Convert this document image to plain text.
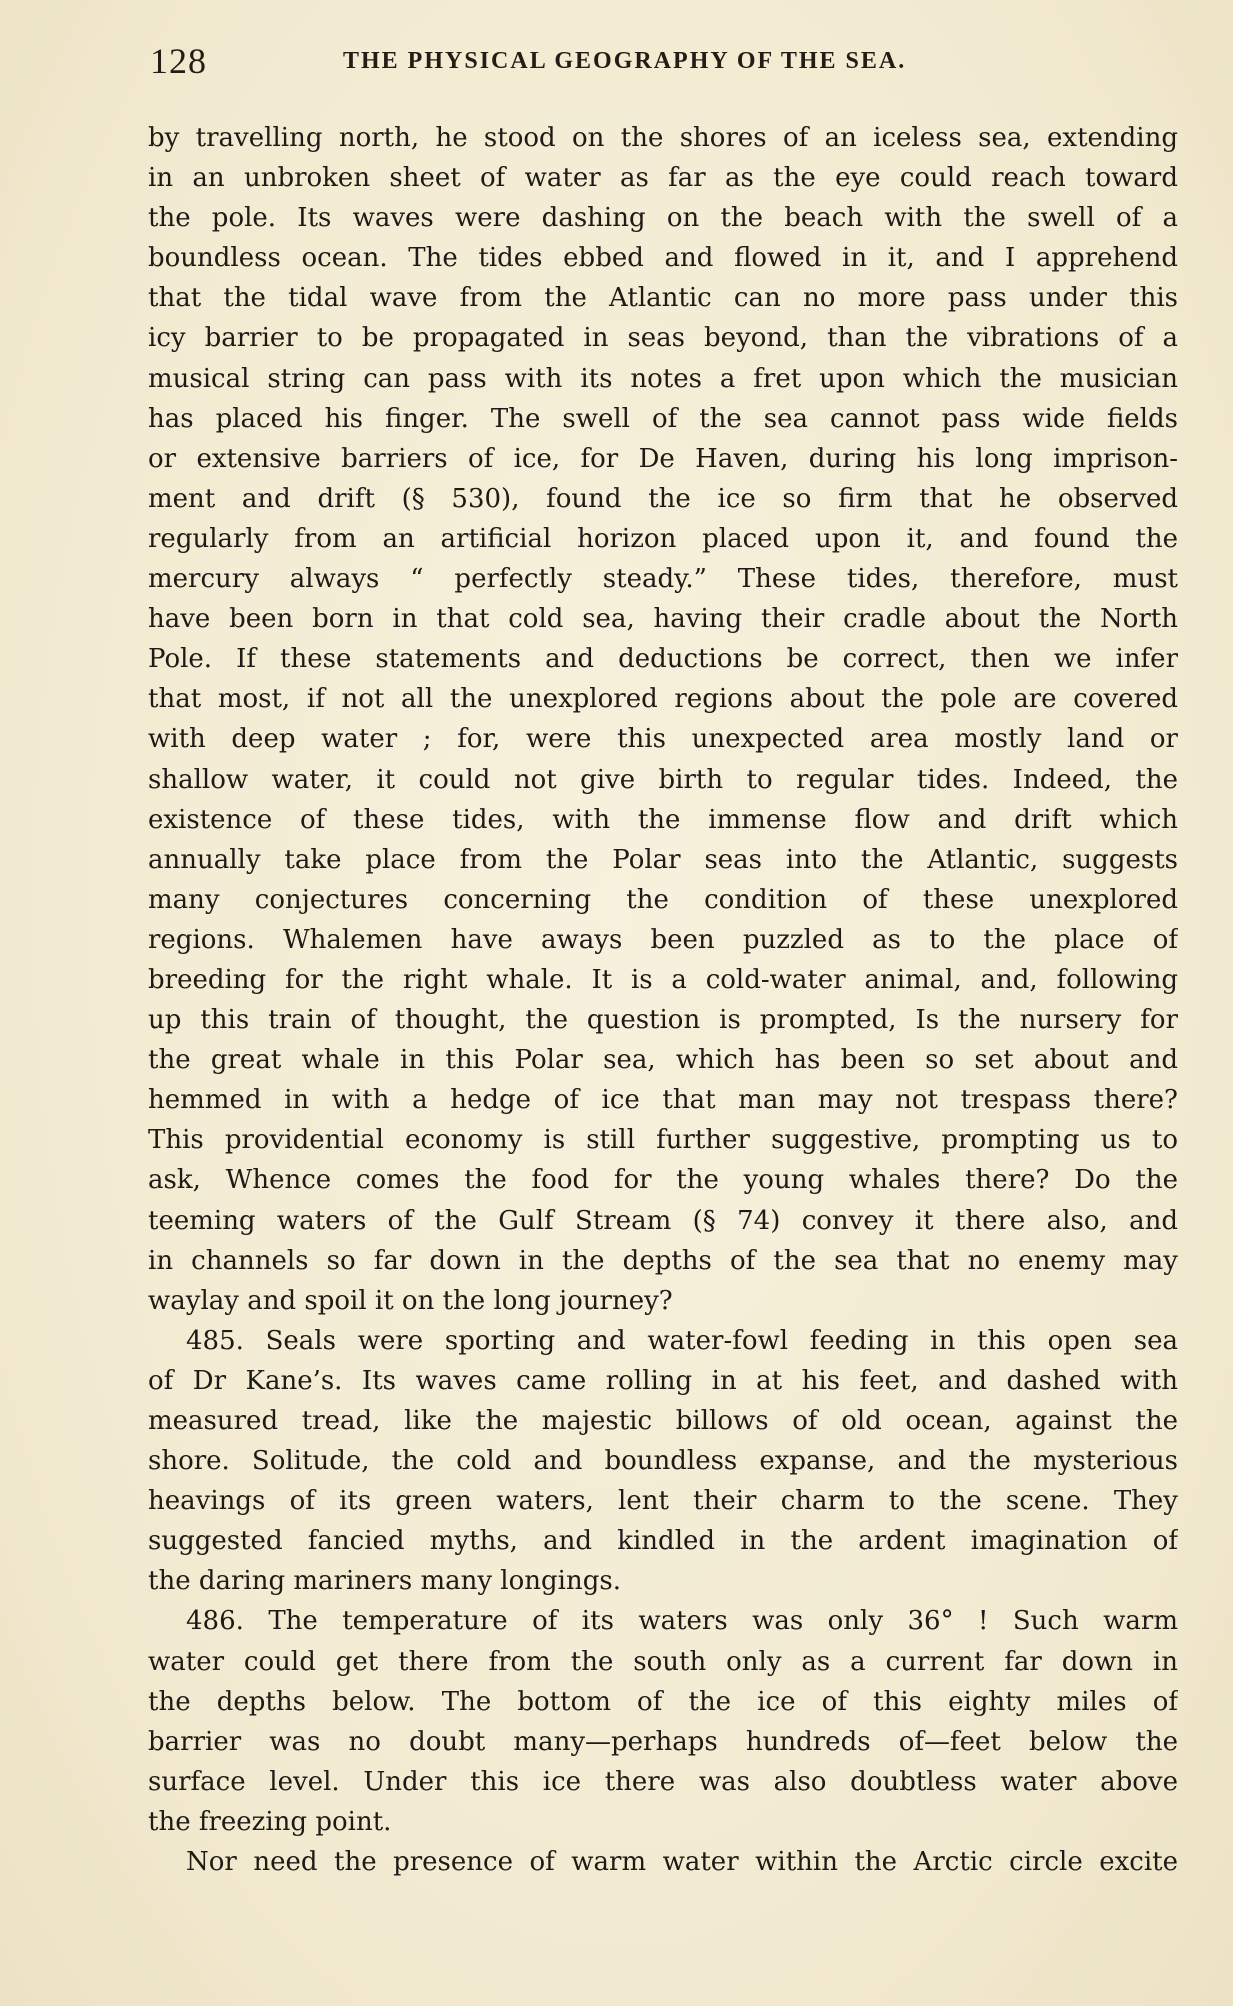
128	THE PHYSICAL GEOGRAPHY OF THE SEA.
by travelling north, he stood on the shores of an iceless sea, extending
in an unbroken sheet of water as far as the eye could reach toward
the pole. Its waves were dashing on the beach with the swell of a
boundless ocean. The tides ebbed and flowed in it, and I apprehend
that the tidal wave from the Atlantic can no more pass under this
icy barrier to be propagated in seas beyond, than the vibrations of a
musical string can pass with its notes a fret upon which the musician
has placed his finger. The swell of the sea cannot pass wide fields
or extensive barriers of ice, for De Haven, during his long imprison-
ment and drift (§ 530), found the ice so firm that he observed
regularly from an artificial horizon placed upon it, and found the
mercury always “ perfectly steady.” These tides, therefore, must
have been born in that cold sea, having their cradle about the North
Pole. If these statements and deductions be correct, then we infer
that most, if not all the unexplored regions about the pole are covered
with deep water ; for, were this unexpected area mostly land or
shallow water, it could not give birth to regular tides. Indeed, the
existence of these tides, with the immense flow and drift which
annually take place from the Polar seas into the Atlantic, suggests
many conjectures concerning the condition of these unexplored
regions. Whalemen have aways been puzzled as to the place of
breeding for the right whale. It is a cold-water animal, and, following
up this train of thought, the question is prompted, Is the nursery for
the great whale in this Polar sea, which has been so set about and
hemmed in with a hedge of ice that man may not trespass there?
This providential economy is still further suggestive, prompting us to
ask, Whence comes the food for the young whales there? Do the
teeming waters of the Gulf Stream (§ 74) convey it there also, and
in channels so far down in the depths of the sea that no enemy may
waylay and spoil it on the long journey?
485. Seals were sporting and water-fowl feeding in this open sea
of Dr Kane’s. Its waves came rolling in at his feet, and dashed with
measured tread, like the majestic billows of old ocean, against the
shore. Solitude, the cold and boundless expanse, and the mysterious
heavings of its green waters, lent their charm to the scene. They
suggested fancied myths, and kindled in the ardent imagination of
the daring mariners many longings.
486. The temperature of its waters was only 36° ! Such warm
water could get there from the south only as a current far down in
the depths below. The bottom of the ice of this eighty miles of
barrier was no doubt many—perhaps hundreds of—feet below the
surface level. Under this ice there was also doubtless water above
the freezing point.
Nor need the presence of warm water within the Arctic circle excite
